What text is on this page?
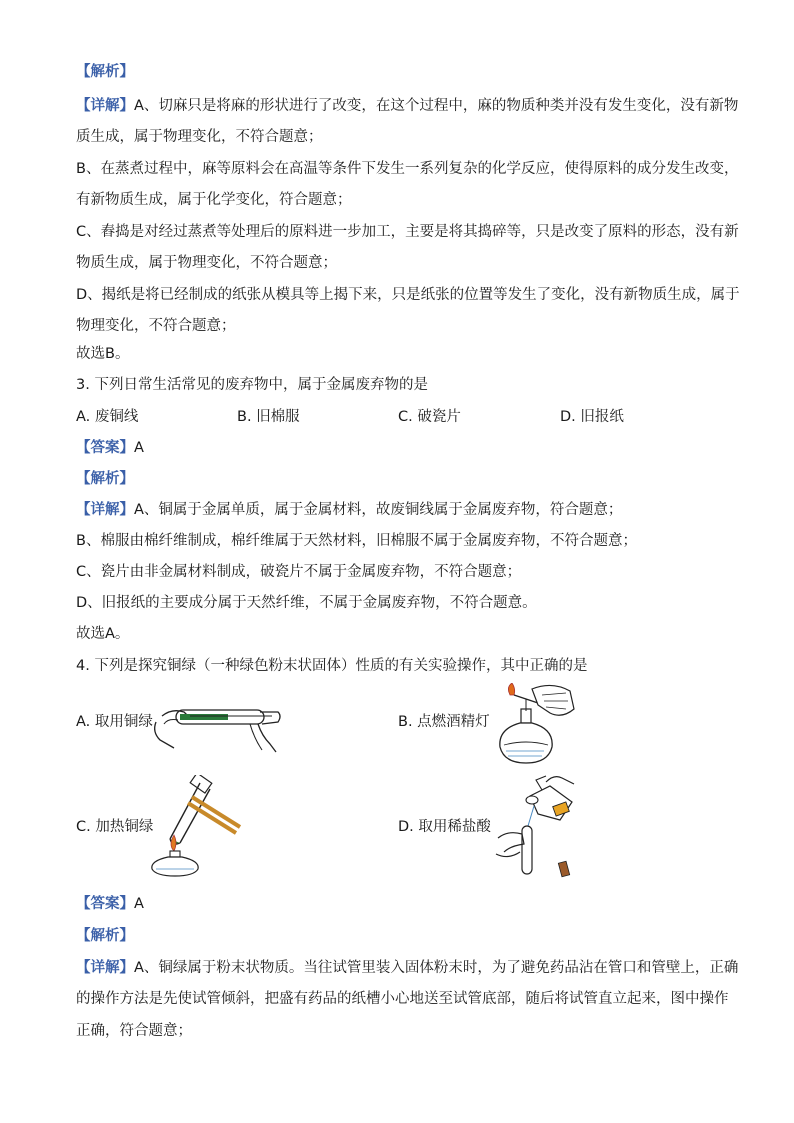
【解析】
【详解】A、切麻只是将麻的形状进行了改变，在这个过程中，麻的物质种类并没有发生变化，没有新物
质生成，属于物理变化，不符合题意；
B、在蒸煮过程中，麻等原料会在高温等条件下发生一系列复杂的化学反应，使得原料的成分发生改变，
有新物质生成，属于化学变化，符合题意；
C、舂捣是对经过蒸煮等处理后的原料进一步加工，主要是将其捣碎等，只是改变了原料的形态，没有新
物质生成，属于物理变化，不符合题意；
D、揭纸是将已经制成的纸张从模具等上揭下来，只是纸张的位置等发生了变化，没有新物质生成，属于
物理变化，不符合题意；
故选B。
3. 下列日常生活常见的废弃物中，属于金属废弃物的是
A. 废铜线	B. 旧棉服	C. 破瓷片	D. 旧报纸
【答案】A
【解析】
【详解】A、铜属于金属单质，属于金属材料，故废铜线属于金属废弃物，符合题意；
B、棉服由棉纤维制成，棉纤维属于天然材料，旧棉服不属于金属废弃物，不符合题意；
C、瓷片由非金属材料制成，破瓷片不属于金属废弃物，不符合题意；
D、旧报纸的主要成分属于天然纤维，不属于金属废弃物，不符合题意。
故选A。
4. 下列是探究铜绿（一种绿色粉末状固体）性质的有关实验操作，其中正确的是
A. 取用铜绿	B. 点燃酒精灯
C. 加热铜绿	D. 取用稀盐酸
【答案】A
【解析】
【详解】A、铜绿属于粉末状物质。当往试管里装入固体粉末时，为了避免药品沾在管口和管壁上，正确
的操作方法是先使试管倾斜，把盛有药品的纸槽小心地送至试管底部，随后将试管直立起来，图中操作
正确，符合题意；
